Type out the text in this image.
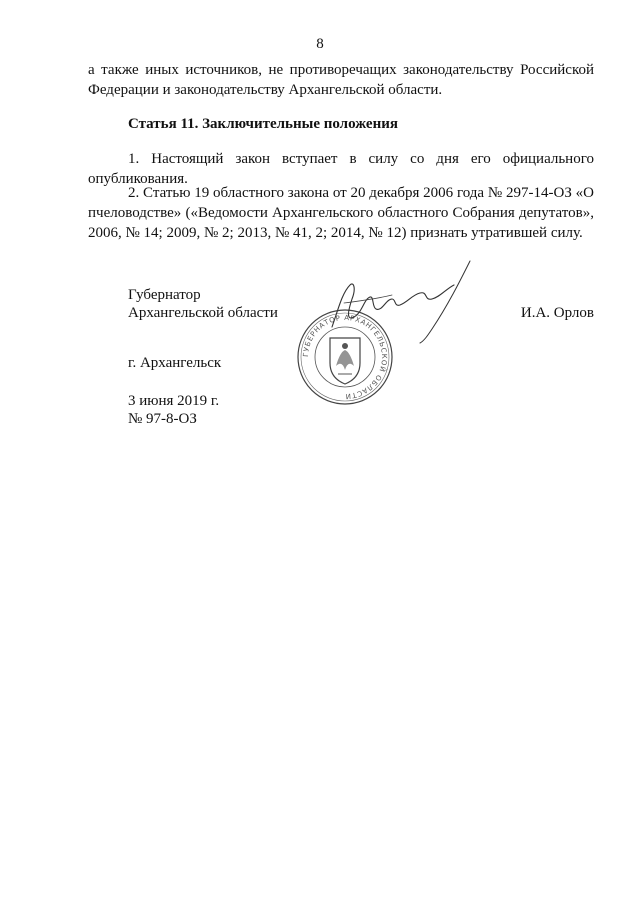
8
а также иных источников, не противоречащих законодательству Российской Федерации и законодательству Архангельской области.
Статья 11. Заключительные положения
1. Настоящий закон вступает в силу со дня его официального опубликования.
2. Статью 19 областного закона от 20 декабря 2006 года № 297-14-ОЗ «О пчеловодстве» («Ведомости Архангельского областного Собрания депутатов», 2006, № 14; 2009, № 2; 2013, № 41, 2; 2014, № 12) признать утратившей силу.
Губернатор
Архангельской области	И.А. Орлов
г. Архангельск
3 июня 2019 г.
№ 97-8-ОЗ
ГУБЕРНАТОР АРХАНГЕЛЬСКОЙ ОБЛАСТИ
